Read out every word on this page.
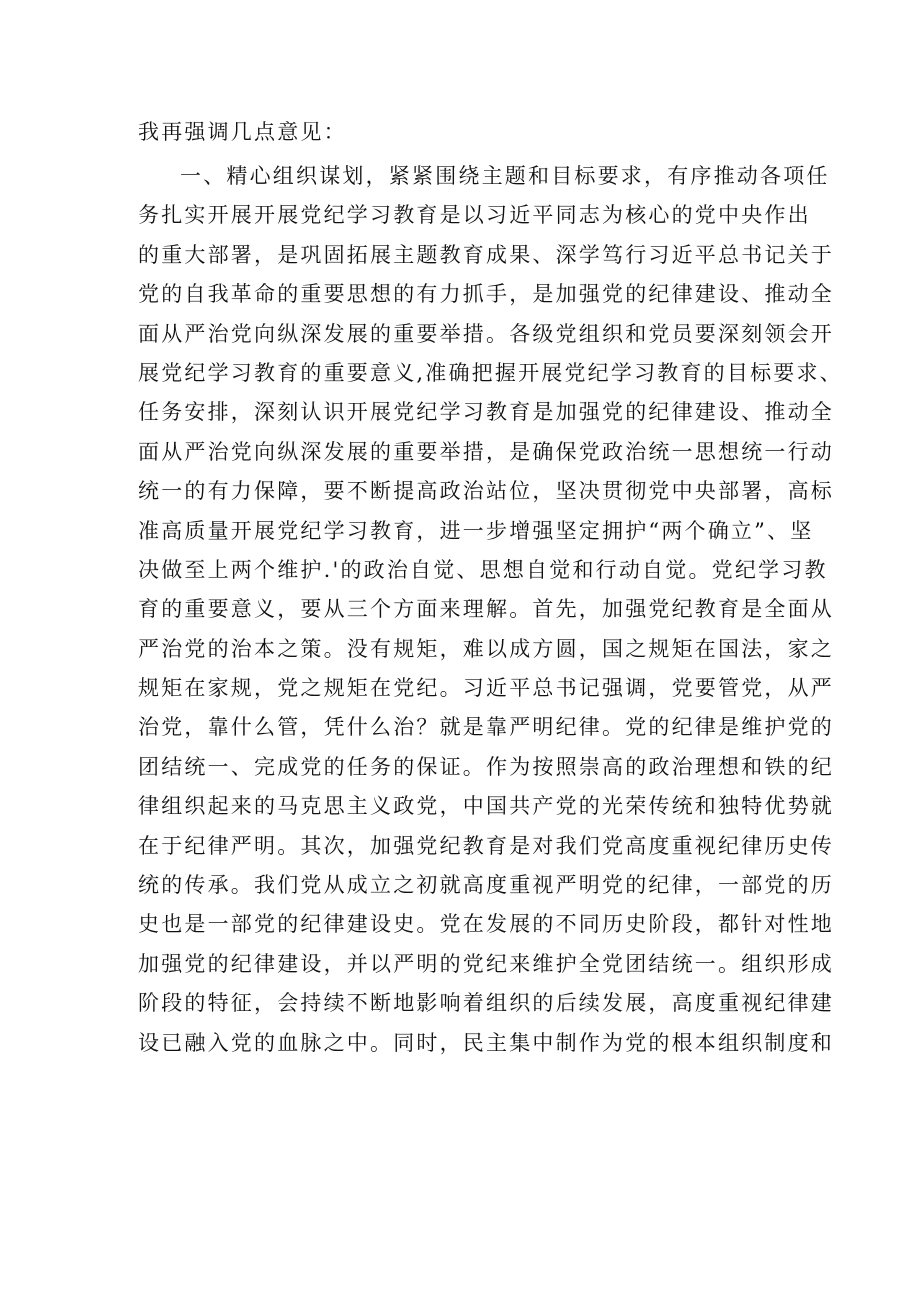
我再强调几点意见：
一、精心组织谋划，紧紧围绕主题和目标要求，有序推动各项任
务扎实开展开展党纪学习教育是以习近平同志为核心的党中央作出
的重大部署，是巩固拓展主题教育成果、深学笃行习近平总书记关于
党的自我革命的重要思想的有力抓手，是加强党的纪律建设、推动全
面从严治党向纵深发展的重要举措。各级党组织和党员要深刻领会开
展党纪学习教育的重要意义,准确把握开展党纪学习教育的目标要求、
任务安排，深刻认识开展党纪学习教育是加强党的纪律建设、推动全
面从严治党向纵深发展的重要举措，是确保党政治统一思想统一行动
统一的有力保障，要不断提高政治站位，坚决贯彻党中央部署，高标
准高质量开展党纪学习教育，进一步增强坚定拥护“两个确立”、坚
决做至上两个维护.'的政治自觉、思想自觉和行动自觉。党纪学习教
育的重要意义，要从三个方面来理解。首先，加强党纪教育是全面从
严治党的治本之策。没有规矩，难以成方圆，国之规矩在国法，家之
规矩在家规，党之规矩在党纪。习近平总书记强调，党要管党，从严
治党，靠什么管，凭什么治？就是靠严明纪律。党的纪律是维护党的
团结统一、完成党的任务的保证。作为按照崇高的政治理想和铁的纪
律组织起来的马克思主义政党，中国共产党的光荣传统和独特优势就
在于纪律严明。其次，加强党纪教育是对我们党高度重视纪律历史传
统的传承。我们党从成立之初就高度重视严明党的纪律，一部党的历
史也是一部党的纪律建设史。党在发展的不同历史阶段，都针对性地
加强党的纪律建设，并以严明的党纪来维护全党团结统一。组织形成
阶段的特征，会持续不断地影响着组织的后续发展，高度重视纪律建
设已融入党的血脉之中。同时，民主集中制作为党的根本组织制度和
